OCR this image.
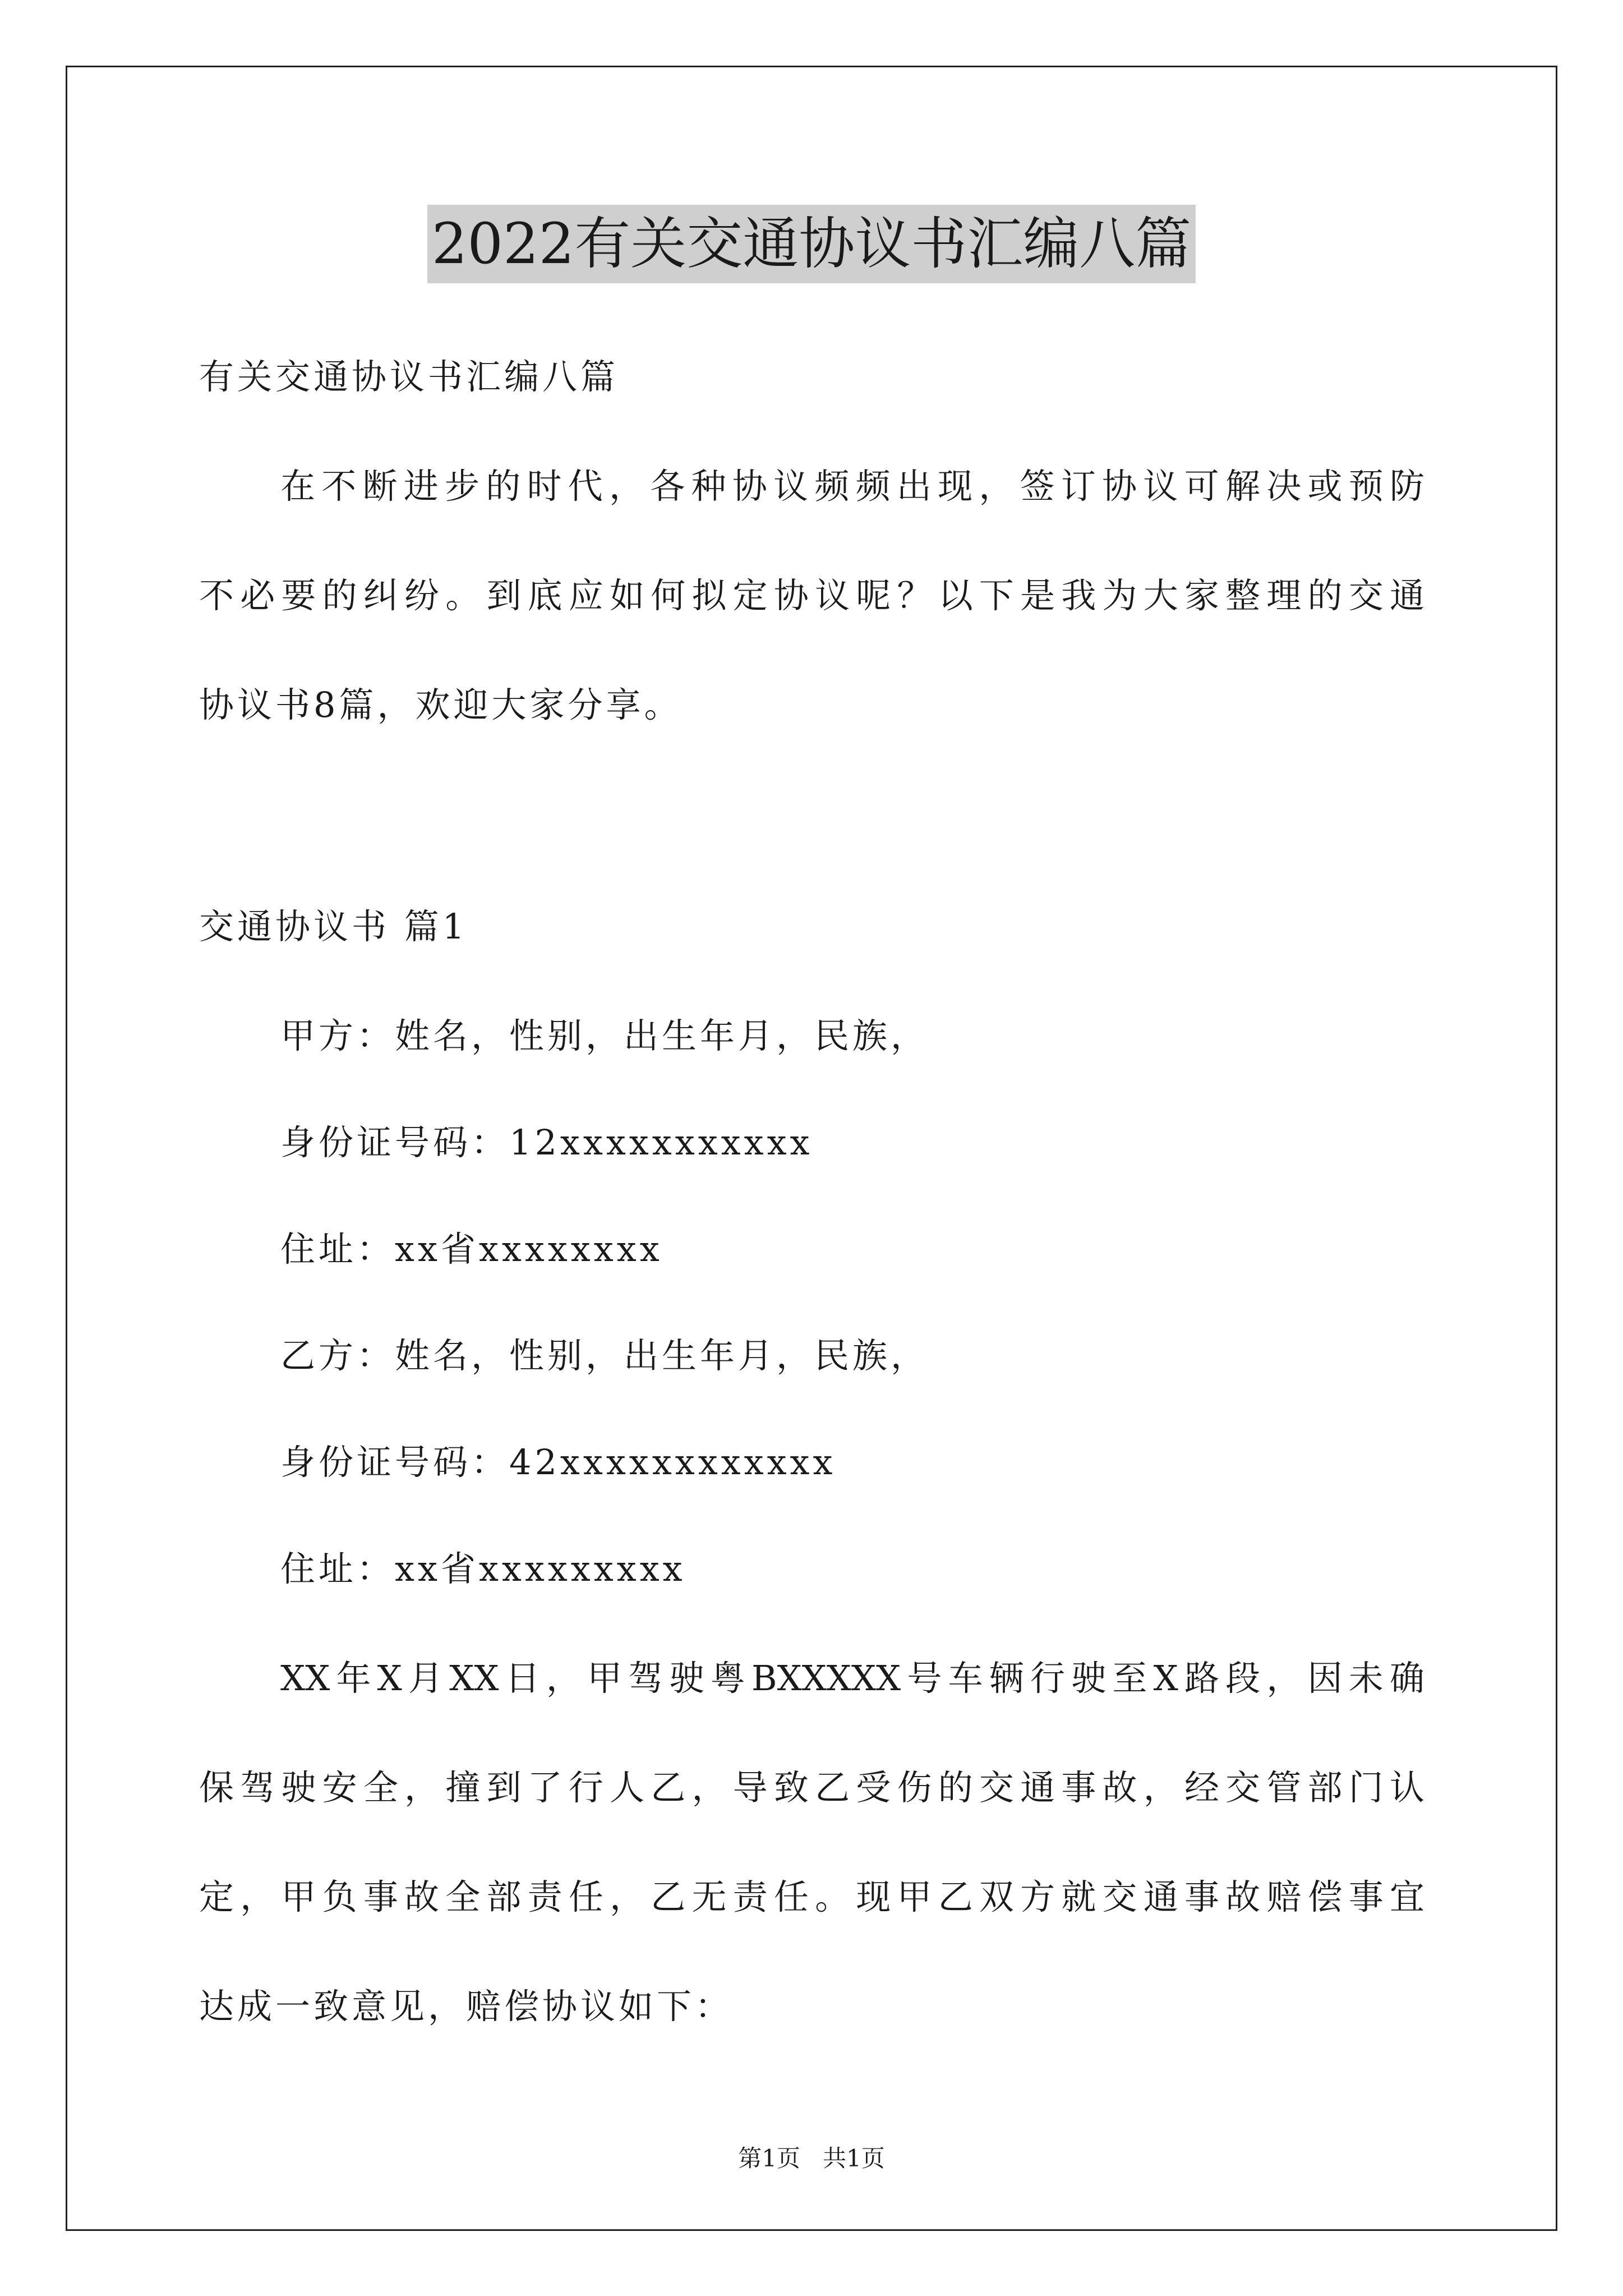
2022有关交通协议书汇编八篇
有关交通协议书汇编八篇
在不断进步的时代，各种协议频频出现，签订协议可解决或预防
不必要的纠纷。到底应如何拟定协议呢？以下是我为大家整理的交通
协议书8篇，欢迎大家分享。
交通协议书 篇1
甲方：姓名，性别，出生年月，民族，
身份证号码：12xxxxxxxxxxx
住址：xx省xxxxxxxx
乙方：姓名，性别，出生年月，民族，
身份证号码：42xxxxxxxxxxxx
住址：xx省xxxxxxxxx
XX年X月XX日，甲驾驶粤BXXXXX号车辆行驶至X路段，因未确
保驾驶安全，撞到了行人乙，导致乙受伤的交通事故，经交管部门认
定，甲负事故全部责任，乙无责任。现甲乙双方就交通事故赔偿事宜
达成一致意见，赔偿协议如下：
第1页 共1页
